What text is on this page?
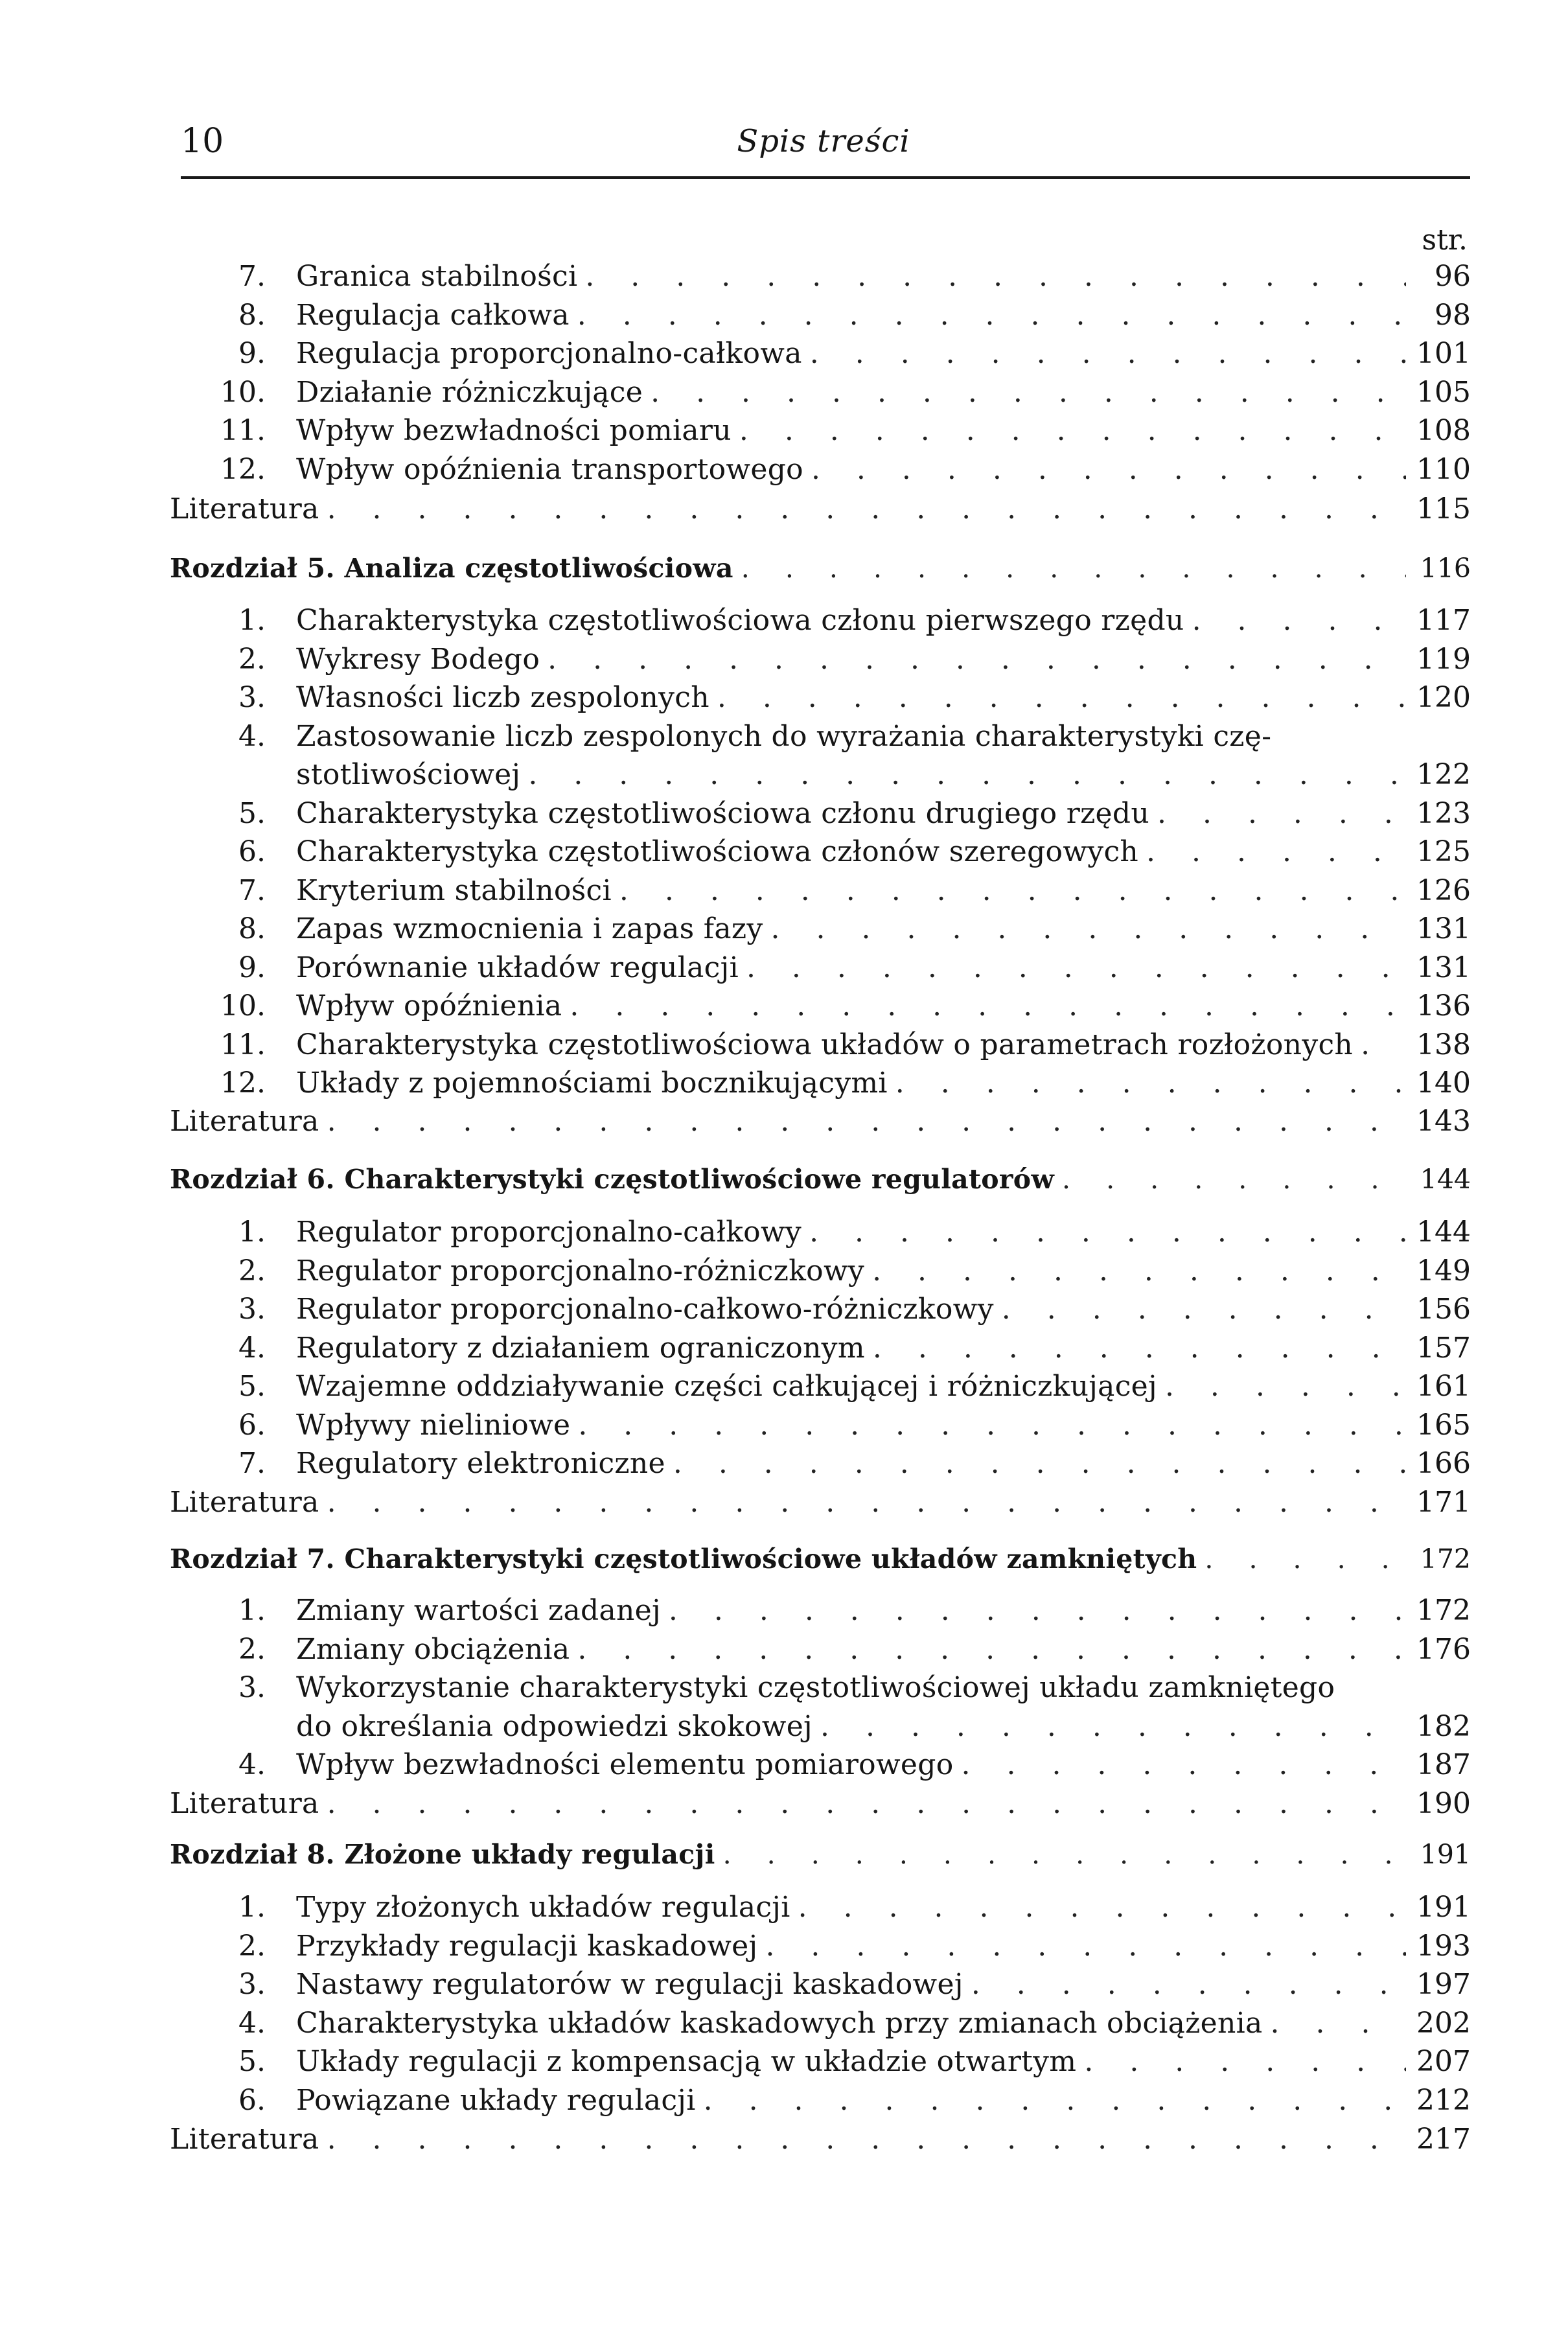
10	Spis treści
str.
7. Granica stabilności . . .	96
8. Regulacja całkowa . . .	98
9. Regulacja proporcjonalno-całkowa . . .	101
10. Działanie różniczkujące . . .	105
11. Wpływ bezwładności pomiaru . . .	108
12. Wpływ opóźnienia transportowego . . .	110
Literatura . . .	115
Rozdział 5. Analiza częstotliwościowa . . .	116
1. Charakterystyka częstotliwościowa członu pierwszego rzędu . . .	117
2. Wykresy Bodego . . .	119
3. Własności liczb zespolonych . . .	120
4. Zastosowanie liczb zespolonych do wyrażania charakterystyki czę-
stotliwościowej . . .	122
5. Charakterystyka częstotliwościowa członu drugiego rzędu . . .	123
6. Charakterystyka częstotliwościowa członów szeregowych . . .	125
7. Kryterium stabilności . . .	126
8. Zapas wzmocnienia i zapas fazy . . .	131
9. Porównanie układów regulacji . . .	131
10. Wpływ opóźnienia . . .	136
11. Charakterystyka częstotliwościowa układów o parametrach rozłożonych . . .	138
12. Układy z pojemnościami bocznikującymi . . .	140
Literatura . . .	143
Rozdział 6. Charakterystyki częstotliwościowe regulatorów . . .	144
1. Regulator proporcjonalno-całkowy . . .	144
2. Regulator proporcjonalno-różniczkowy . . .	149
3. Regulator proporcjonalno-całkowo-różniczkowy . . .	156
4. Regulatory z działaniem ograniczonym . . .	157
5. Wzajemne oddziaływanie części całkującej i różniczkującej . . .	161
6. Wpływy nieliniowe . . .	165
7. Regulatory elektroniczne . . .	166
Literatura . . .	171
Rozdział 7. Charakterystyki częstotliwościowe układów zamkniętych . . .	172
1. Zmiany wartości zadanej . . .	172
2. Zmiany obciążenia . . .	176
3. Wykorzystanie charakterystyki częstotliwościowej układu zamkniętego
do określania odpowiedzi skokowej . . .	182
4. Wpływ bezwładności elementu pomiarowego . . .	187
Literatura . . .	190
Rozdział 8. Złożone układy regulacji . . .	191
1. Typy złożonych układów regulacji . . .	191
2. Przykłady regulacji kaskadowej . . .	193
3. Nastawy regulatorów w regulacji kaskadowej . . .	197
4. Charakterystyka układów kaskadowych przy zmianach obciążenia . . .	202
5. Układy regulacji z kompensacją w układzie otwartym . . .	207
6. Powiązane układy regulacji . . .	212
Literatura . . .	217
